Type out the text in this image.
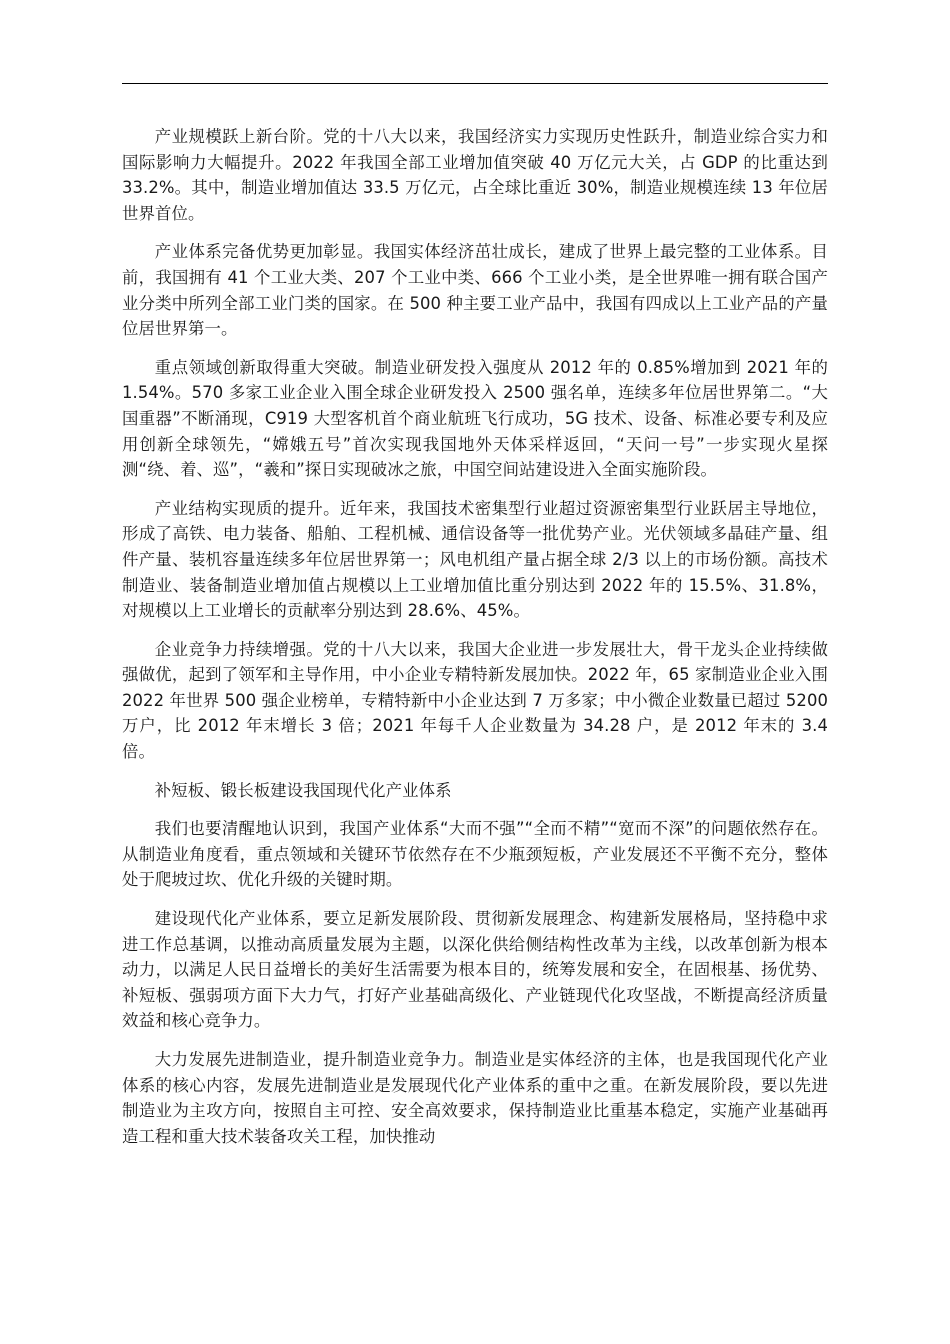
产业规模跃上新台阶。党的十八大以来，我国经济实力实现历史性跃升，制造业综合实力和国际影响力大幅提升。2022 年我国全部工业增加值突破 40 万亿元大关，占 GDP 的比重达到 33.2%。其中，制造业增加值达 33.5 万亿元，占全球比重近 30%，制造业规模连续 13 年位居世界首位。

产业体系完备优势更加彰显。我国实体经济茁壮成长，建成了世界上最完整的工业体系。目前，我国拥有 41 个工业大类、207 个工业中类、666 个工业小类，是全世界唯一拥有联合国产业分类中所列全部工业门类的国家。在 500 种主要工业产品中，我国有四成以上工业产品的产量位居世界第一。

重点领域创新取得重大突破。制造业研发投入强度从 2012 年的 0.85%增加到 2021 年的 1.54%。570 多家工业企业入围全球企业研发投入 2500 强名单，连续多年位居世界第二。“大国重器”不断涌现，C919 大型客机首个商业航班飞行成功，5G 技术、设备、标准必要专利及应用创新全球领先，“嫦娥五号”首次实现我国地外天体采样返回，“天问一号”一步实现火星探测“绕、着、巡”，“羲和”探日实现破冰之旅，中国空间站建设进入全面实施阶段。

产业结构实现质的提升。近年来，我国技术密集型行业超过资源密集型行业跃居主导地位，形成了高铁、电力装备、船舶、工程机械、通信设备等一批优势产业。光伏领域多晶硅产量、组件产量、装机容量连续多年位居世界第一；风电机组产量占据全球 2/3 以上的市场份额。高技术制造业、装备制造业增加值占规模以上工业增加值比重分别达到 2022 年的 15.5%、31.8%，对规模以上工业增长的贡献率分别达到 28.6%、45%。

企业竞争力持续增强。党的十八大以来，我国大企业进一步发展壮大，骨干龙头企业持续做强做优，起到了领军和主导作用，中小企业专精特新发展加快。2022 年，65 家制造业企业入围 2022 年世界 500 强企业榜单，专精特新中小企业达到 7 万多家；中小微企业数量已超过 5200 万户，比 2012 年末增长 3 倍；2021 年每千人企业数量为 34.28 户，是 2012 年末的 3.4 倍。

补短板、锻长板建设我国现代化产业体系

我们也要清醒地认识到，我国产业体系“大而不强”“全而不精”“宽而不深”的问题依然存在。从制造业角度看，重点领域和关键环节依然存在不少瓶颈短板，产业发展还不平衡不充分，整体处于爬坡过坎、优化升级的关键时期。

建设现代化产业体系，要立足新发展阶段、贯彻新发展理念、构建新发展格局，坚持稳中求进工作总基调，以推动高质量发展为主题，以深化供给侧结构性改革为主线，以改革创新为根本动力，以满足人民日益增长的美好生活需要为根本目的，统筹发展和安全，在固根基、扬优势、补短板、强弱项方面下大力气，打好产业基础高级化、产业链现代化攻坚战，不断提高经济质量效益和核心竞争力。

大力发展先进制造业，提升制造业竞争力。制造业是实体经济的主体，也是我国现代化产业体系的核心内容，发展先进制造业是发展现代化产业体系的重中之重。在新发展阶段，要以先进制造业为主攻方向，按照自主可控、安全高效要求，保持制造业比重基本稳定，实施产业基础再造工程和重大技术装备攻关工程，加快推动
